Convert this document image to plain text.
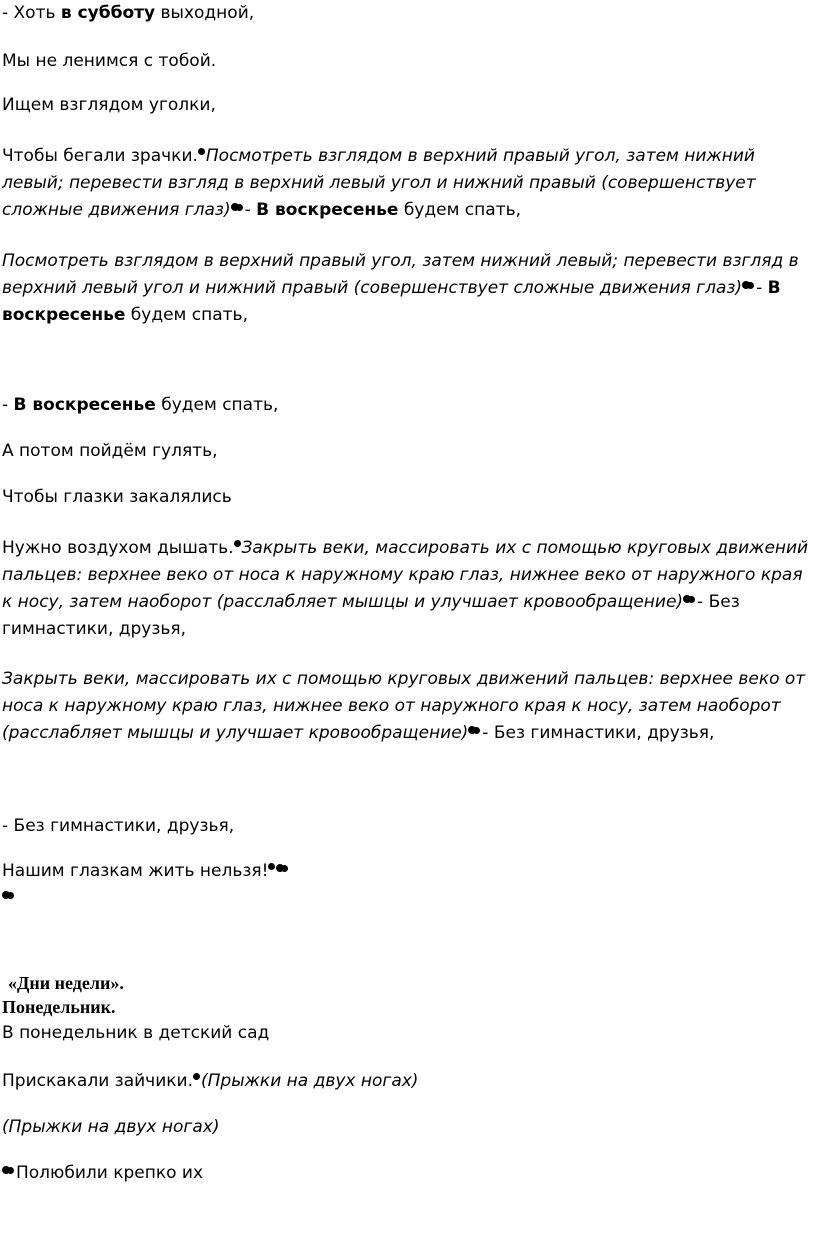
- Хоть в субботу выходной,

Мы не ленимся с тобой.

Ищем взглядом уголки,

Чтобы бегали зрачки. Посмотреть взглядом в верхний правый угол, затем нижний левый; перевести взгляд в верхний левый угол и нижний правый (совершенствует сложные движения глаз) - В воскресенье будем спать,

Посмотреть взглядом в верхний правый угол, затем нижний левый; перевести взгляд в верхний левый угол и нижний правый (совершенствует сложные движения глаз) - В воскресенье будем спать,

- В воскресенье будем спать,

А потом пойдём гулять,

Чтобы глазки закалялись

Нужно воздухом дышать. Закрыть веки, массировать их с помощью круговых движений пальцев: верхнее веко от носа к наружному краю глаз, нижнее веко от наружного края к носу, затем наоборот (расслабляет мышцы и улучшает кровообращение) - Без гимнастики, друзья,

Закрыть веки, массировать их с помощью круговых движений пальцев: верхнее веко от носа к наружному краю глаз, нижнее веко от наружного края к носу, затем наоборот (расслабляет мышцы и улучшает кровообращение) - Без гимнастики, друзья,

- Без гимнастики, друзья,

Нашим глазкам жить нельзя!

«Дни недели».

Понедельник.

В понедельник в детский сад

Прискакали зайчики. (Прыжки на двух ногах)

(Прыжки на двух ногах)

Полюбили крепко их
